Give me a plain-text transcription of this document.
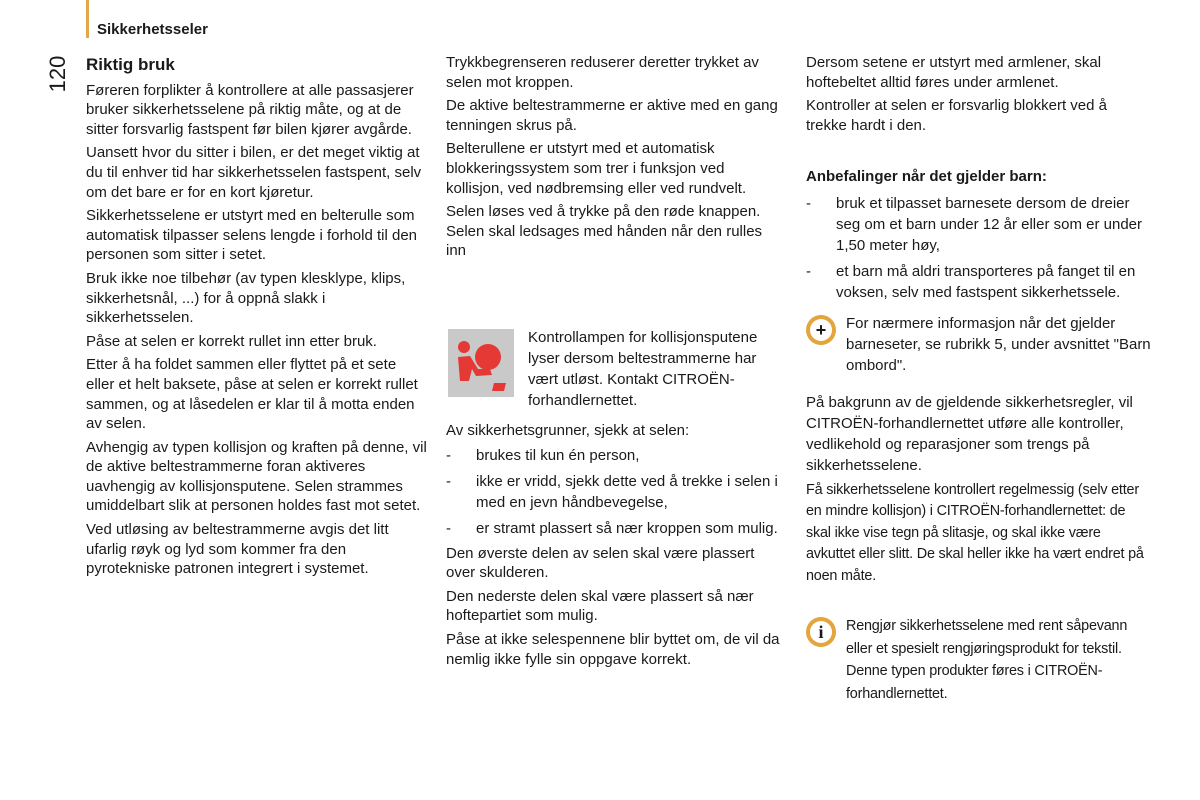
Sikkerhetsseler
120 Riktig bruk

Føreren forplikter å kontrollere at alle passasjerer bruker sikkerhetsselene på riktig måte, og at de sitter forsvarlig fastspent før bilen kjører avgårde.

Uansett hvor du sitter i bilen, er det meget viktig at du til enhver tid har sikkerhetsselen fastspent, selv om det bare er for en kort kjøretur.

Sikkerhetsselene er utstyrt med en belterulle som automatisk tilpasser selens lengde i forhold til den personen som sitter i setet.

Bruk ikke noe tilbehør (av typen klesklype, klips, sikkerhetsnål, ...) for å oppnå slakk i sikkerhetsselen.

Påse at selen er korrekt rullet inn etter bruk.

Etter å ha foldet sammen eller flyttet på et sete eller et helt baksete, påse at selen er korrekt rullet sammen, og at låsedelen er klar til å motta enden av selen.

Avhengig av typen kollisjon og kraften på denne, vil de aktive beltestrammerne foran aktiveres uavhengig av kollisjonsputene. Selen strammes umiddelbart slik at personen holdes fast mot setet.

Ved utløsing av beltestrammerne avgis det litt ufarlig røyk og lyd som kommer fra den pyrotekniske patronen integrert i systemet.

Trykkbegrenseren reduserer deretter trykket av selen mot kroppen.

De aktive beltestrammerne er aktive med en gang tenningen skrus på.

Belterullene er utstyrt med et automatisk blokkeringssystem som trer i funksjon ved kollisjon, ved nødbremsing eller ved rundvelt.

Selen løses ved å trykke på den røde knappen. Selen skal ledsages med hånden når den rulles inn

Kontrollampen for kollisjonsputene lyser dersom beltestrammerne har vært utløst. Kontakt CITROËN-forhandlernettet.

Av sikkerhetsgrunner, sjekk at selen:

- brukes til kun én person,
- ikke er vridd, sjekk dette ved å trekke i selen i med en jevn håndbevegelse,
- er stramt plassert så nær kroppen som mulig.

Den øverste delen av selen skal være plassert over skulderen.

Den nederste delen skal være plassert så nær hoftepartiet som mulig.

Påse at ikke selespennene blir byttet om, de vil da nemlig ikke fylle sin oppgave korrekt.

Dersom setene er utstyrt med armlener, skal hoftebeltet alltid føres under armlenet.

Kontroller at selen er forsvarlig blokkert ved å trekke hardt i den.

Anbefalinger når det gjelder barn:
- bruk et tilpasset barnesete dersom de dreier seg om et barn under 12 år eller som er under 1,50 meter høy,
- et barn må aldri transporteres på fanget til en voksen, selv med fastspent sikkerhetssele.
+	For nærmere informasjon når det gjelder barneseter, se rubrikk 5, under avsnittet "Barn ombord".

På bakgrunn av de gjeldende sikkerhetsregler, vil CITROËN-forhandlernettet utføre alle kontroller, vedlikehold og reparasjoner som trengs på sikkerhetsselene.

Få sikkerhetsselene kontrollert regelmessig (selv etter en mindre kollisjon) i CITROËN-forhandlernettet: de skal ikke vise tegn på slitasje, og skal ikke være avkuttet eller slitt. De skal heller ikke ha vært endret på noen måte.

i	Rengjør sikkerhetsselene med rent såpevann eller et spesielt rengjøringsprodukt for tekstil. Denne typen produkter føres i CITROËN-forhandlernettet.
